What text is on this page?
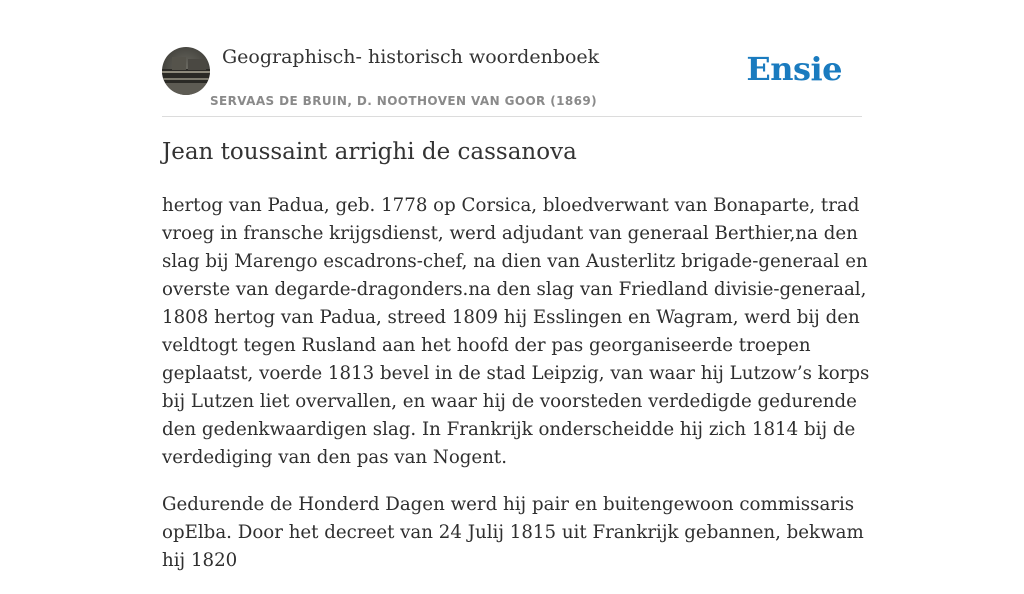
Geographisch- historisch woordenboek
SERVAAS DE BRUIN, D. NOOTHOVEN VAN GOOR (1869)
Ensie
Jean toussaint arrighi de cassanova

hertog van Padua, geb. 1778 op Corsica, bloedverwant van Bonaparte, trad vroeg in fransche krijgsdienst, werd adjudant van generaal Berthier,na den slag bij Marengo escadrons-chef, na dien van Austerlitz brigade-generaal en overste van degarde-dragonders.na den slag van Friedland divisie-generaal, 1808 hertog van Padua, streed 1809 hij Esslingen en Wagram, werd bij den veldtogt tegen Rusland aan het hoofd der pas georganiseerde troepen geplaatst, voerde 1813 bevel in de stad Leipzig, van waar hij Lutzow’s korps bij Lutzen liet overvallen, en waar hij de voorsteden verdedigde gedurende den gedenkwaardigen slag. In Frankrijk onderscheidde hij zich 1814 bij de verdediging van den pas van Nogent.

Gedurende de Honderd Dagen werd hij pair en buitengewoon commissaris opElba. Door het decreet van 24 Julij 1815 uit Frankrijk gebannen, bekwam hij 1820
